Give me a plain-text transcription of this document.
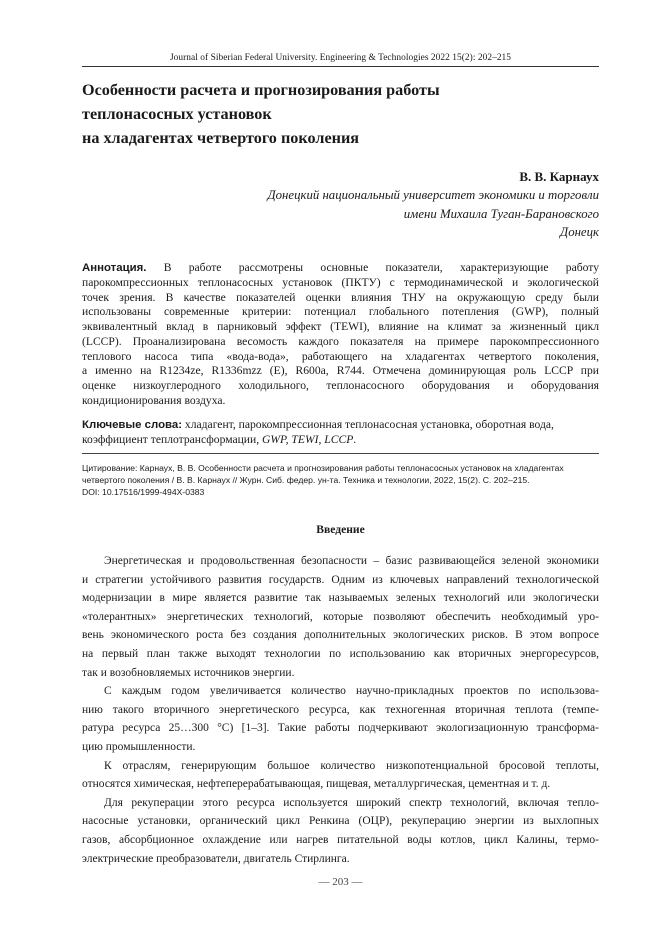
Journal of Siberian Federal University. Engineering & Technologies 2022 15(2): 202–215
Особенности расчета и прогнозирования работы
теплонасосных установок
на хладагентах четвертого поколения
В. В. Карнаух
Донецкий национальный университет экономики и торговли
имени Михаила Туган-Барановского
Донецк
Аннотация. В работе рассмотрены основные показатели, характеризующие работу
парокомпрессионных теплонасосных установок (ПКТУ) с термодинамической и экологической
точек зрения. В качестве показателей оценки влияния ТНУ на окружающую среду были
использованы современные критерии: потенциал глобального потепления (GWP), полный
эквивалентный вклад в парниковый эффект (TEWI), влияние на климат за жизненный цикл
(LCCP). Проанализирована весомость каждого показателя на примере парокомпрессионного
теплового насоса типа «вода-вода», работающего на хладагентах четвертого поколения,
а именно на R1234ze, R1336mzz (E), R600a, R744. Отмечена доминирующая роль LCCP при
оценке низкоуглеродного холодильного, теплонасосного оборудования и оборудования
кондиционирования воздуха.
Ключевые слова: хладагент, парокомпрессионная теплонасосная установка, оборотная вода,
коэффициент теплотрансформации, GWP, TEWI, LCCP.
Цитирование: Карнаух, В. В. Особенности расчета и прогнозирования работы теплонасосных установок на хладагентах
четвертого поколения / В. В. Карнаух // Журн. Сиб. федер. ун-та. Техника и технологии, 2022, 15(2). С. 202–215.
DOI: 10.17516/1999-494X-0383
Введение
Энергетическая и продовольственная безопасности – базис развивающейся зеленой экономики
и стратегии устойчивого развития государств. Одним из ключевых направлений технологической
модернизации в мире является развитие так называемых зеленых технологий или экологически
«толерантных» энергетических технологий, которые позволяют обеспечить необходимый уро-
вень экономического роста без создания дополнительных экологических рисков. В этом вопросе
на первый план также выходят технологии по использованию как вторичных энергоресурсов,
так и возобновляемых источников энергии.
С каждым годом увеличивается количество научно-прикладных проектов по использова-
нию такого вторичного энергетического ресурса, как техногенная вторичная теплота (темпе-
ратура ресурса 25…300 °C) [1–3]. Такие работы подчеркивают экологизационную трансформа-
цию промышленности.
К отраслям, генерирующим большое количество низкопотенциальной бросовой теплоты,
относятся химическая, нефтеперерабатывающая, пищевая, металлургическая, цементная и т. д.
Для рекуперации этого ресурса используется широкий спектр технологий, включая тепло-
насосные установки, органический цикл Ренкина (ОЦР), рекуперацию энергии из выхлопных
газов, абсорбционное охлаждение или нагрев питательной воды котлов, цикл Калины, термо-
электрические преобразователи, двигатель Стирлинга.
— 203 —
